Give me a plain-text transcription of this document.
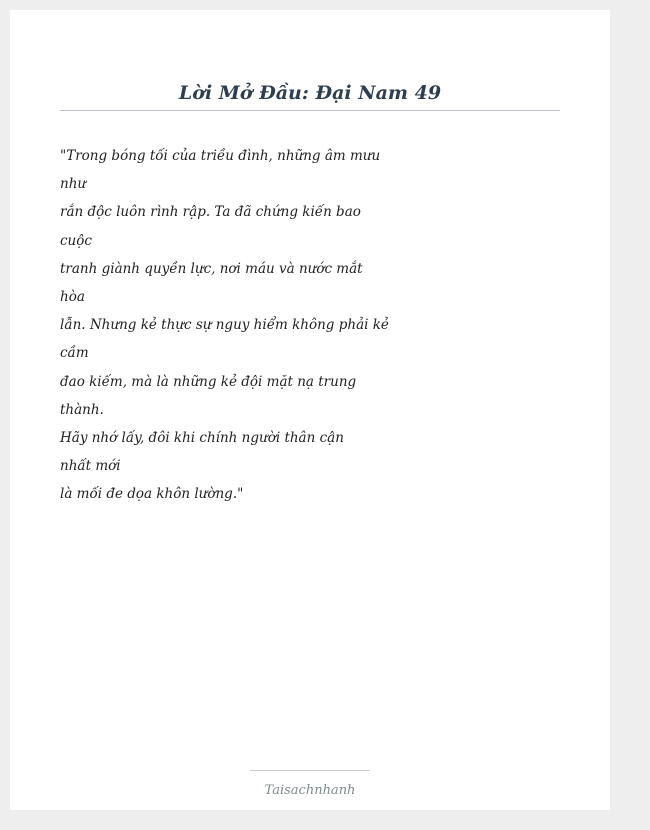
Lời Mở Đầu: Đại Nam 49
"Trong bóng tối của triều đình, những âm mưu
như
rắn độc luôn rình rập. Ta đã chứng kiến bao
cuộc
tranh giành quyền lực, nơi máu và nước mắt
hòa
lẫn. Nhưng kẻ thực sự nguy hiểm không phải kẻ
cầm
đao kiếm, mà là những kẻ đội mặt nạ trung
thành.
Hãy nhớ lấy, đôi khi chính người thân cận
nhất mới
là mối đe dọa khôn lường."
Taisachnhanh
